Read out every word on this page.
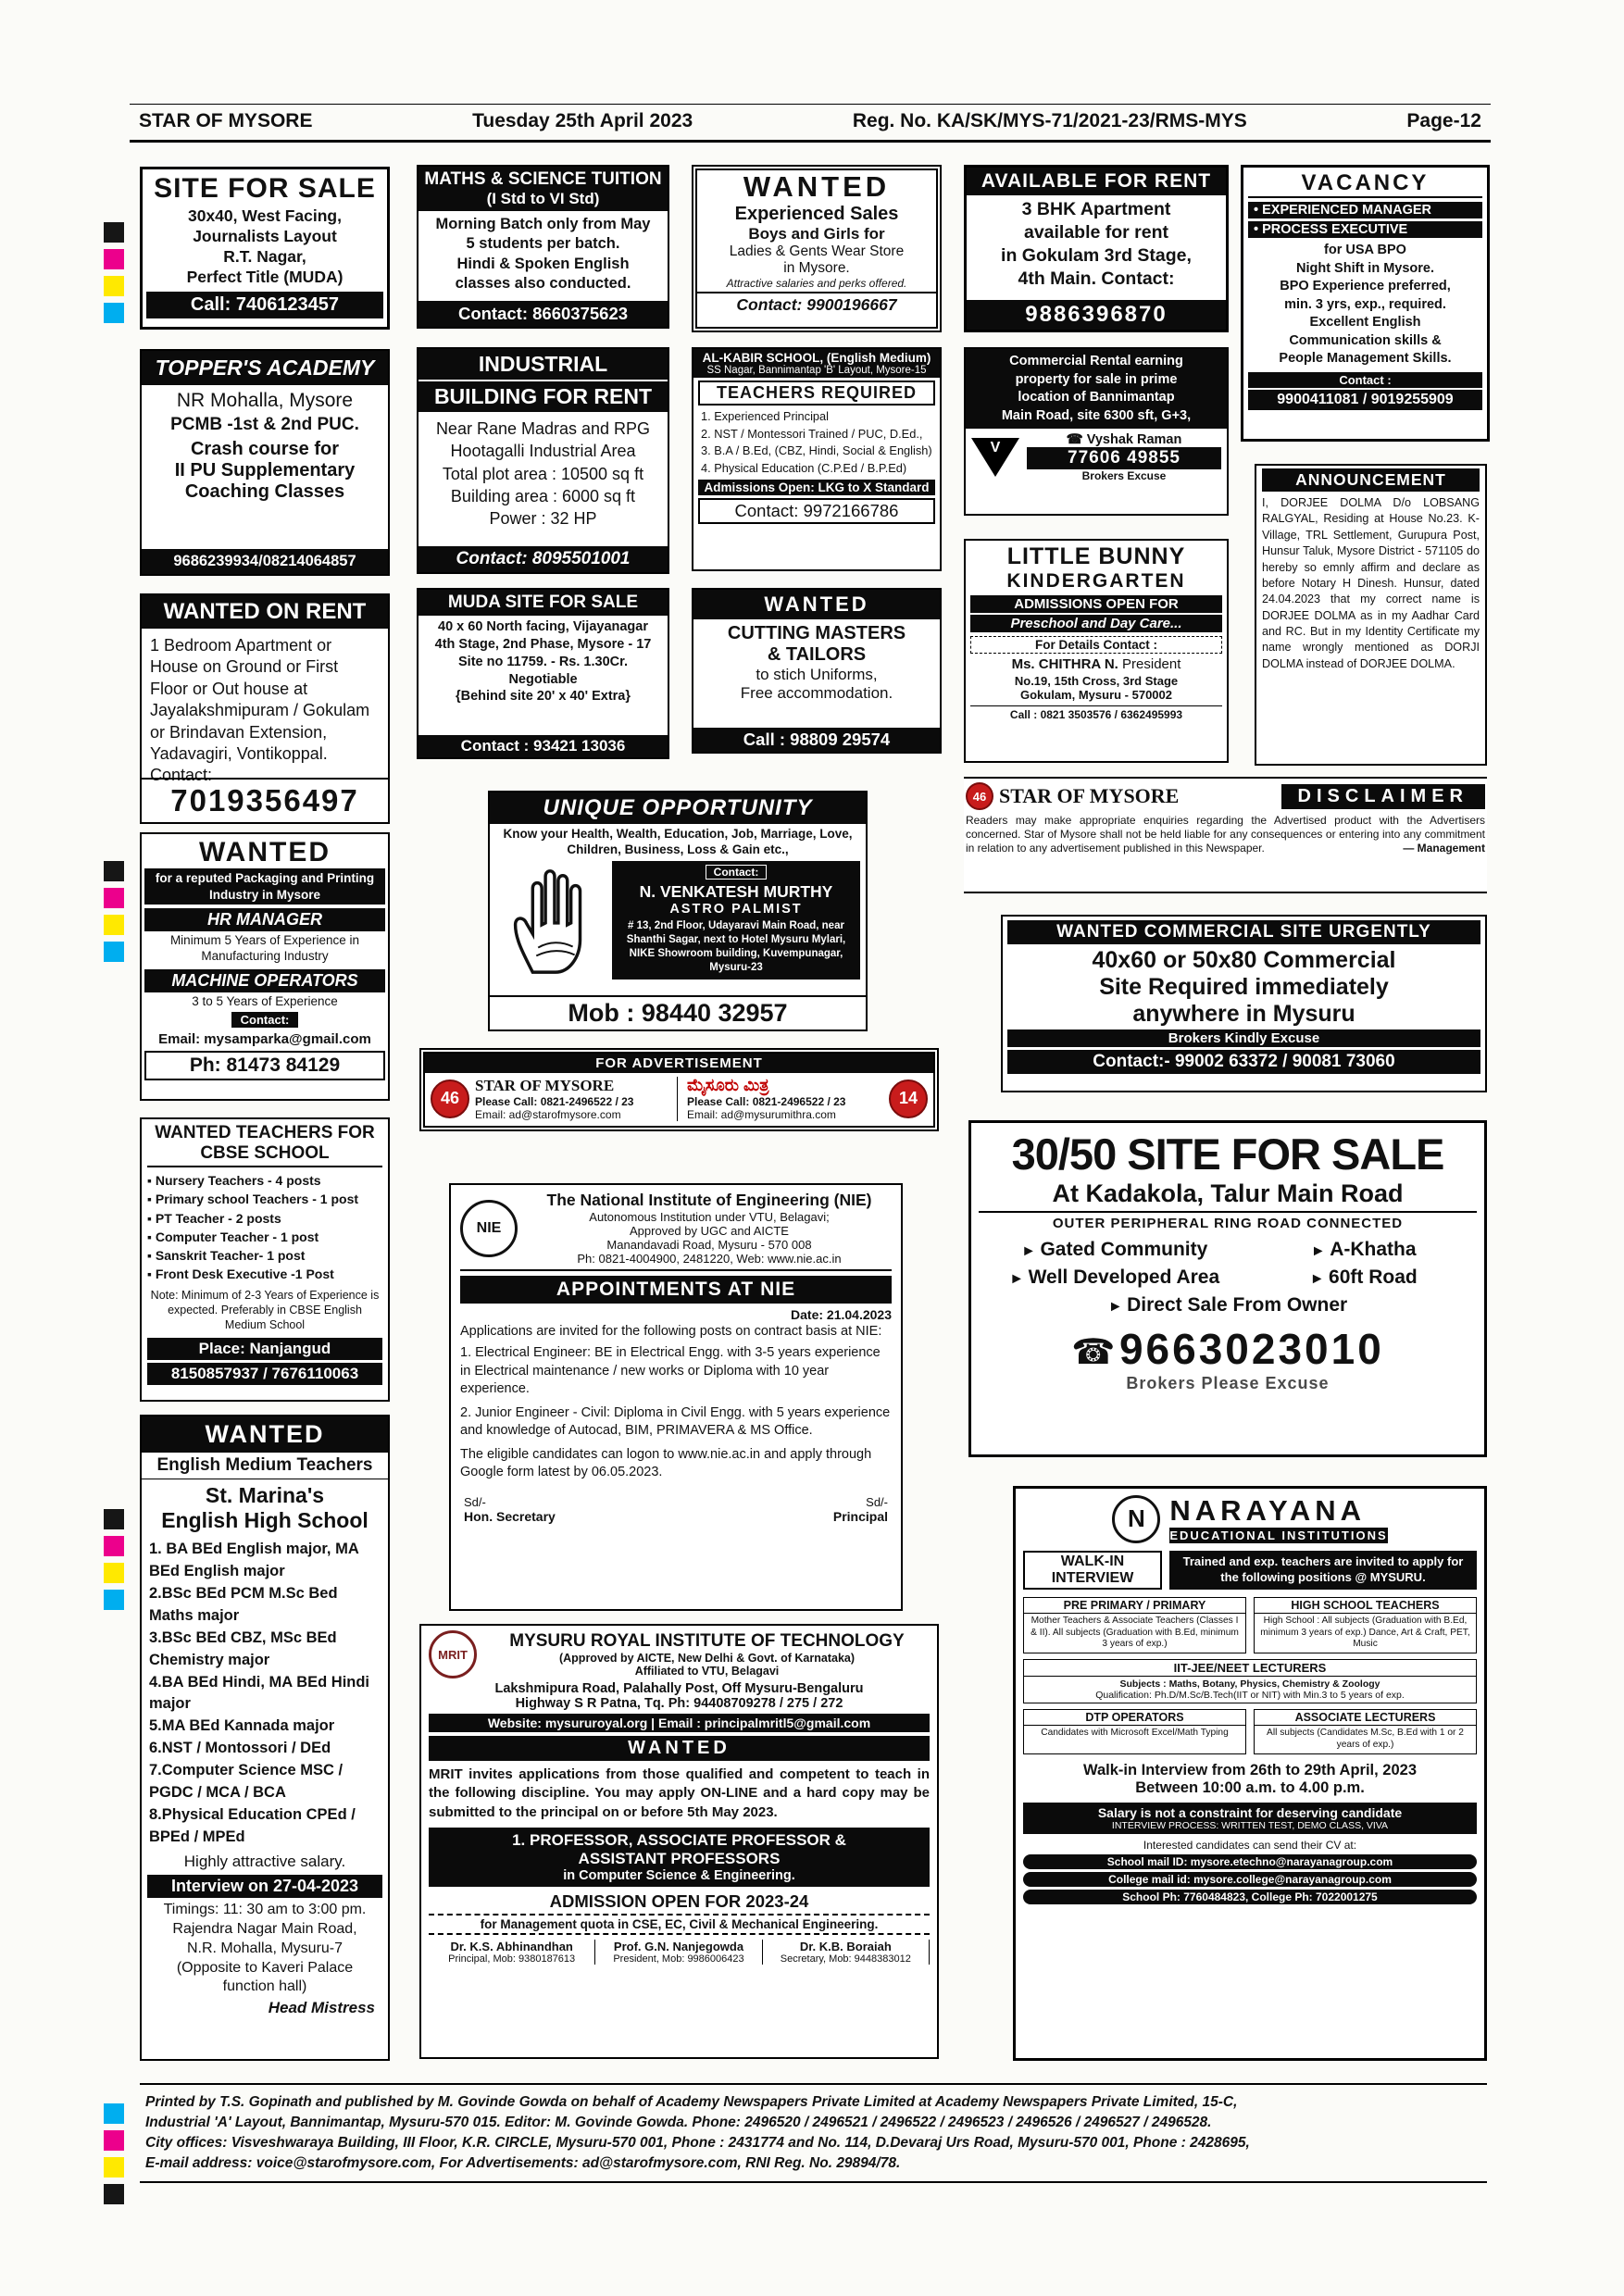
STAR OF MYSORE	Tuesday 25th April 2023	Reg. No. KA/SK/MYS-71/2021-23/RMS-MYS	Page-12
SITE FOR SALE
30x40, West Facing,
Journalists Layout
R.T. Nagar,
Perfect Title (MUDA)
Call: 7406123457
TOPPER'S ACADEMY
NR Mohalla, Mysore
PCMB -1st & 2nd PUC.
Crash course for
II PU Supplementary
Coaching Classes
9686239934/08214064857
WANTED ON RENT
1 Bedroom Apartment or House on Ground or First Floor or Out house at Jayalakshmipuram / Gokulam or Brindavan Extension, Yadavagiri, Vontikoppal. Contact:
7019356497
WANTED
for a reputed Packaging and Printing Industry in Mysore
HR MANAGER
Minimum 5 Years of Experience in Manufacturing Industry
MACHINE OPERATORS
3 to 5 Years of Experience
Contact:
Email: mysamparka@gmail.com
Ph: 81473 84129
WANTED TEACHERS FOR
CBSE SCHOOL
▪ Nursery Teachers - 4 posts
▪ Primary school Teachers - 1 post
▪ PT Teacher - 2 posts
▪ Computer Teacher - 1 post
▪ Sanskrit Teacher- 1 post
▪ Front Desk Executive -1 Post
Note: Minimum of 2-3 Years of Experience is expected. Preferably in CBSE English Medium School
Place: Nanjangud
8150857937 / 7676110063
WANTED
English Medium Teachers
St. Marina's
English High School
1. BA BEd English major, MA BEd English major
2.BSc BEd PCM M.Sc Bed Maths major
3.BSc BEd CBZ, MSc BEd Chemistry major
4.BA BEd Hindi, MA BEd Hindi major
5.MA BEd Kannada major
6.NST / Montossori / DEd
7.Computer Science MSC / PGDC / MCA / BCA
8.Physical Education CPEd / BPEd / MPEd
Highly attractive salary.
Interview on 27-04-2023
Timings: 11: 30 am to 3:00 pm.
Rajendra Nagar Main Road,
N.R. Mohalla, Mysuru-7
(Opposite to Kaveri Palace
function hall)
Head Mistress
MATHS & SCIENCE TUITION
(I Std to VI Std)
Morning Batch only from May
5 students per batch.
Hindi & Spoken English
classes also conducted.
Contact: 8660375623
INDUSTRIAL
BUILDING FOR RENT
Near Rane Madras and RPG
Hootagalli Industrial Area
Total plot area : 10500 sq ft
Building area : 6000 sq ft
Power : 32 HP
Contact: 8095501001
MUDA SITE FOR SALE
40 x 60 North facing, Vijayanagar
4th Stage, 2nd Phase, Mysore - 17
Site no 11759. - Rs. 1.30Cr.
Negotiable
{Behind site 20' x 40' Extra}
Contact : 93421 13036
UNIQUE OPPORTUNITY
Know your Health, Wealth, Education, Job, Marriage, Love, Children, Business, Loss & Gain etc.,
Contact:
N. VENKATESH MURTHY
ASTRO PALMIST
# 13, 2nd Floor, Udayaravi Main Road, near Shanthi Sagar, next to Hotel Mysuru Mylari, NIKE Showroom building, Kuvempunagar, Mysuru-23
Mob : 98440 32957
FOR ADVERTISEMENT
46
STAR OF MYSORE
Please Call: 0821-2496522 / 23
Email: ad@starofmysore.com
ಮೈಸೂರು ಮಿತ್ರ
Please Call: 0821-2496522 / 23
Email: ad@mysurumithra.com
14
NIE
The National Institute of Engineering (NIE)
Autonomous Institution under VTU, Belagavi;
Approved by UGC and AICTE
Manandavadi Road, Mysuru - 570 008
Ph: 0821-4004900, 2481220, Web: www.nie.ac.in
APPOINTMENTS AT NIE
Date: 21.04.2023
Applications are invited for the following posts on contract basis at NIE:
1. Electrical Engineer: BE in Electrical Engg. with 3-5 years experience in Electrical maintenance / new works or Diploma with 10 year experience.
2. Junior Engineer - Civil: Diploma in Civil Engg. with 5 years experience and knowledge of Autocad, BIM, PRIMAVERA & MS Office.
The eligible candidates can logon to www.nie.ac.in and apply through Google form latest by 06.05.2023.
Sd/-
Hon. Secretary
Sd/-
Principal
MRIT
MYSURU ROYAL INSTITUTE OF TECHNOLOGY
(Approved by AICTE, New Delhi & Govt. of Karnataka)
Affiliated to VTU, Belagavi
Lakshmipura Road, Palahally Post, Off Mysuru-Bengaluru
Highway S R Patna, Tq. Ph: 94408709278 / 275 / 272
Website: mysururoyal.org | Email : principalmritl5@gmail.com
WANTED
MRIT invites applications from those qualified and competent to teach in the following discipline. You may apply ON-LINE and a hard copy may be submitted to the principal on or before 5th May 2023.
1. PROFESSOR, ASSOCIATE PROFESSOR &
ASSISTANT PROFESSORS
in Computer Science & Engineering.
ADMISSION OPEN FOR 2023-24
for Management quota in CSE, EC, Civil & Mechanical Engineering.
Dr. K.S. Abhinandhan
Principal, Mob: 9380187613
Prof. G.N. Nanjegowda
President, Mob: 9986006423
Dr. K.B. Boraiah
Secretary, Mob: 9448383012
WANTED
Experienced Sales
Boys and Girls for
Ladies & Gents Wear Store
in Mysore.
Attractive salaries and perks offered.
Contact: 9900196667
AL-KABIR SCHOOL, (English Medium)
SS Nagar, Bannimantap 'B' Layout, Mysore-15
TEACHERS REQUIRED
1. Experienced Principal
2. NST / Montessori Trained / PUC, D.Ed.,
3. B.A / B.Ed, (CBZ, Hindi, Social & English)
4. Physical Education (C.P.Ed / B.P.Ed)
Admissions Open: LKG to X Standard
Contact: 9972166786
WANTED
CUTTING MASTERS
& TAILORS
to stich Uniforms,
Free accommodation.
Call : 98809 29574
AVAILABLE FOR RENT
3 BHK Apartment
available for rent
in Gokulam 3rd Stage,
4th Main. Contact:
9886396870
Commercial Rental earning
property for sale in prime
location of Bannimantap
Main Road, site 6300 sft, G+3,
V	☎ Vyshak Raman
77606 49855
Brokers Excuse
LITTLE BUNNY
KINDERGARTEN
ADMISSIONS OPEN FOR
Preschool and Day Care...
For Details Contact :
Ms. CHITHRA N. President
No.19, 15th Cross, 3rd Stage
Gokulam, Mysuru - 570002
Call : 0821 3503576 / 6362495993
46 STAR OF MYSORE	DISCLAIMER
Readers may make appropriate enquiries regarding the Advertised product with the Advertisers concerned. Star of Mysore shall not be held liable for any consequences or entering into any commitment in relation to any advertisement published in this Newspaper.	— Management
WANTED COMMERCIAL SITE URGENTLY
40x60 or 50x80 Commercial
Site Required immediately
anywhere in Mysuru
Brokers Kindly Excuse
Contact:- 99002 63372 / 90081 73060
30/50 SITE FOR SALE
At Kadakola, Talur Main Road
OUTER PERIPHERAL RING ROAD CONNECTED
► Gated Community	► A-Khatha
► Well Developed Area	► 60ft Road
► Direct Sale From Owner
☎ 9663023010
Brokers Please Excuse
N NARAYANA
EDUCATIONAL INSTITUTIONS
WALK-IN
INTERVIEW
Trained and exp. teachers are invited to apply for the following positions @ MYSURU.
PRE PRIMARY / PRIMARY
Mother Teachers & Associate Teachers (Classes I & II). All subjects (Graduation with B.Ed, minimum 3 years of exp.)
HIGH SCHOOL TEACHERS
High School : All subjects (Graduation with B.Ed, minimum 3 years of exp.) Dance, Art & Craft, PET, Music
IIT-JEE/NEET LECTURERS
Subjects : Maths, Botany, Physics, Chemistry & Zoology
Qualification: Ph.D/M.Sc/B.Tech(IIT or NIT) with Min.3 to 5 years of exp.
DTP OPERATORS
Candidates with Microsoft Excel/Math Typing
ASSOCIATE LECTURERS
All subjects (Candidates M.Sc, B.Ed with 1 or 2 years of exp.)
Walk-in Interview from 26th to 29th April, 2023
Between 10:00 a.m. to 4.00 p.m.
Salary is not a constraint for deserving candidate
INTERVIEW PROCESS: WRITTEN TEST, DEMO CLASS, VIVA
Interested candidates can send their CV at:
School mail ID: mysore.etechno@narayanagroup.com
College mail id: mysore.college@narayanagroup.com
School Ph: 7760484823, College Ph: 7022001275
VACANCY
• EXPERIENCED MANAGER
• PROCESS EXECUTIVE
for USA BPO
Night Shift in Mysore.
BPO Experience preferred,
min. 3 yrs, exp., required.
Excellent English
Communication skills &
People Management Skills.
Contact :
9900411081 / 9019255909
ANNOUNCEMENT
I, DORJEE DOLMA D/o LOBSANG RALGYAL, Residing at House No.23. K- Village, TRL Settlement, Gurupura Post, Hunsur Taluk, Mysore District - 571105 do hereby so emnly affirm and declare as before Notary H Dinesh. Hunsur, dated 24.04.2023 that my correct name is DORJEE DOLMA as in my Aadhar Card and RC. But in my Identity Certificate my name wrongly mentioned as DORJI DOLMA instead of DORJEE DOLMA.
Printed by T.S. Gopinath and published by M. Govinde Gowda on behalf of Academy Newspapers Private Limited at Academy Newspapers Private Limited, 15-C,
Industrial 'A' Layout, Bannimantap, Mysuru-570 015. Editor: M. Govinde Gowda. Phone: 2496520 / 2496521 / 2496522 / 2496523 / 2496526 / 2496527 / 2496528.
City offices: Visveshwaraya Building, III Floor, K.R. CIRCLE, Mysuru-570 001, Phone : 2431774 and No. 114, D.Devaraj Urs Road, Mysuru-570 001, Phone : 2428695,
E-mail address: voice@starofmysore.com, For Advertisements: ad@starofmysore.com, RNI Reg. No. 29894/78.
